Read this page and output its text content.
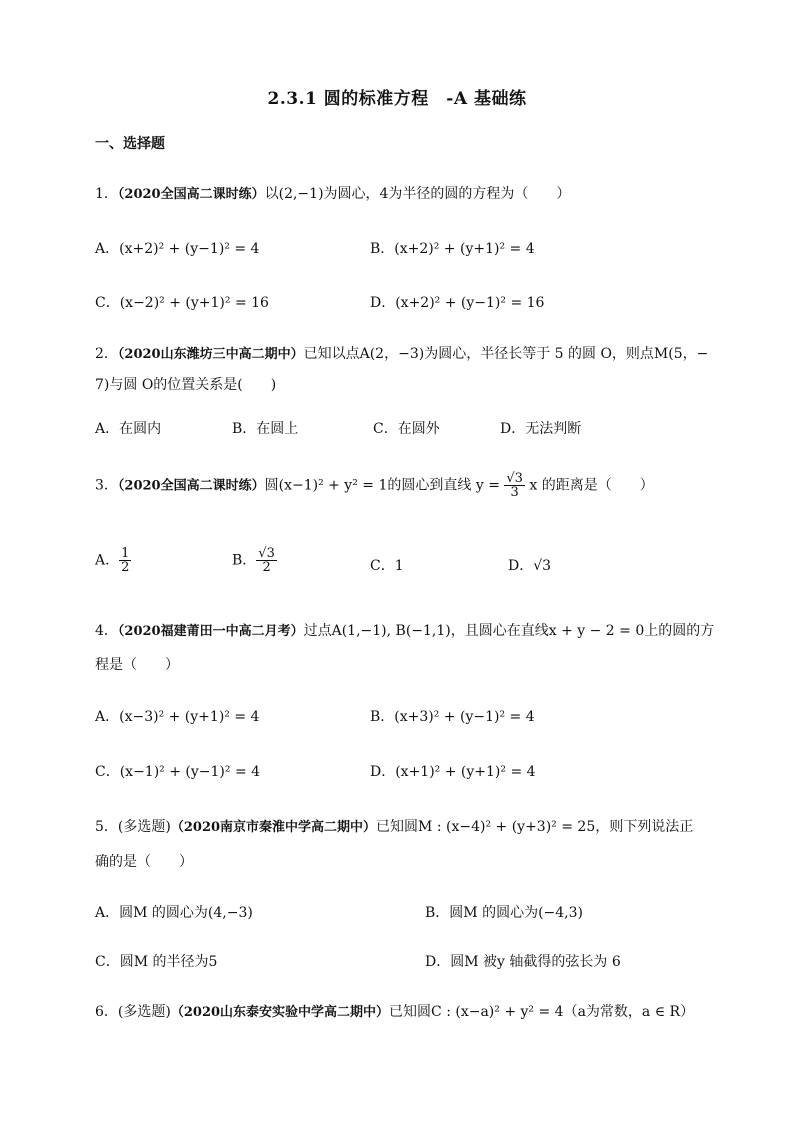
2.3.1 圆的标准方程　-A 基础练
一、选择题
1．（2020全国高二课时练）以(2,−1)为圆心，4为半径的圆的方程为（　　）
A．(x+2)² + (y−1)² = 4	B．(x+2)² + (y+1)² = 4
C．(x−2)² + (y+1)² = 16	D．(x+2)² + (y−1)² = 16
2．（2020山东潍坊三中高二期中）已知以点A(2，−3)为圆心，半径长等于 5 的圆 O，则点M(5，−
7)与圆 O的位置关系是(　　)
A．在圆内	B．在圆上	C．在圆外	D．无法判断
3．（2020全国高二课时练）圆(x−1)² + y² = 1的圆心到直线 $y = \frac{√3}{3}$ x 的距离是（　　）
A． $\frac{1}{2}$	B． $\frac{√3}{2}$	C．1	D．√3
4．（2020福建莆田一中高二月考）过点A(1,−1), B(−1,1)，且圆心在直线x + y − 2 = 0上的圆的方
程是（　　）
A．(x−3)² + (y+1)² = 4	B．(x+3)² + (y−1)² = 4
C．(x−1)² + (y−1)² = 4	D．(x+1)² + (y+1)² = 4
5．(多选题)（2020南京市秦淮中学高二期中）已知圆M : (x−4)² + (y+3)² = 25，则下列说法正
确的是（　　）
A．圆M 的圆心为(4,−3)	B．圆M 的圆心为(−4,3)
C．圆M 的半径为5	D．圆M 被y 轴截得的弦长为 6
6．(多选题)（2020山东泰安实验中学高二期中）已知圆C : (x−a)² + y² = 4（a为常数，a ∈ R）
